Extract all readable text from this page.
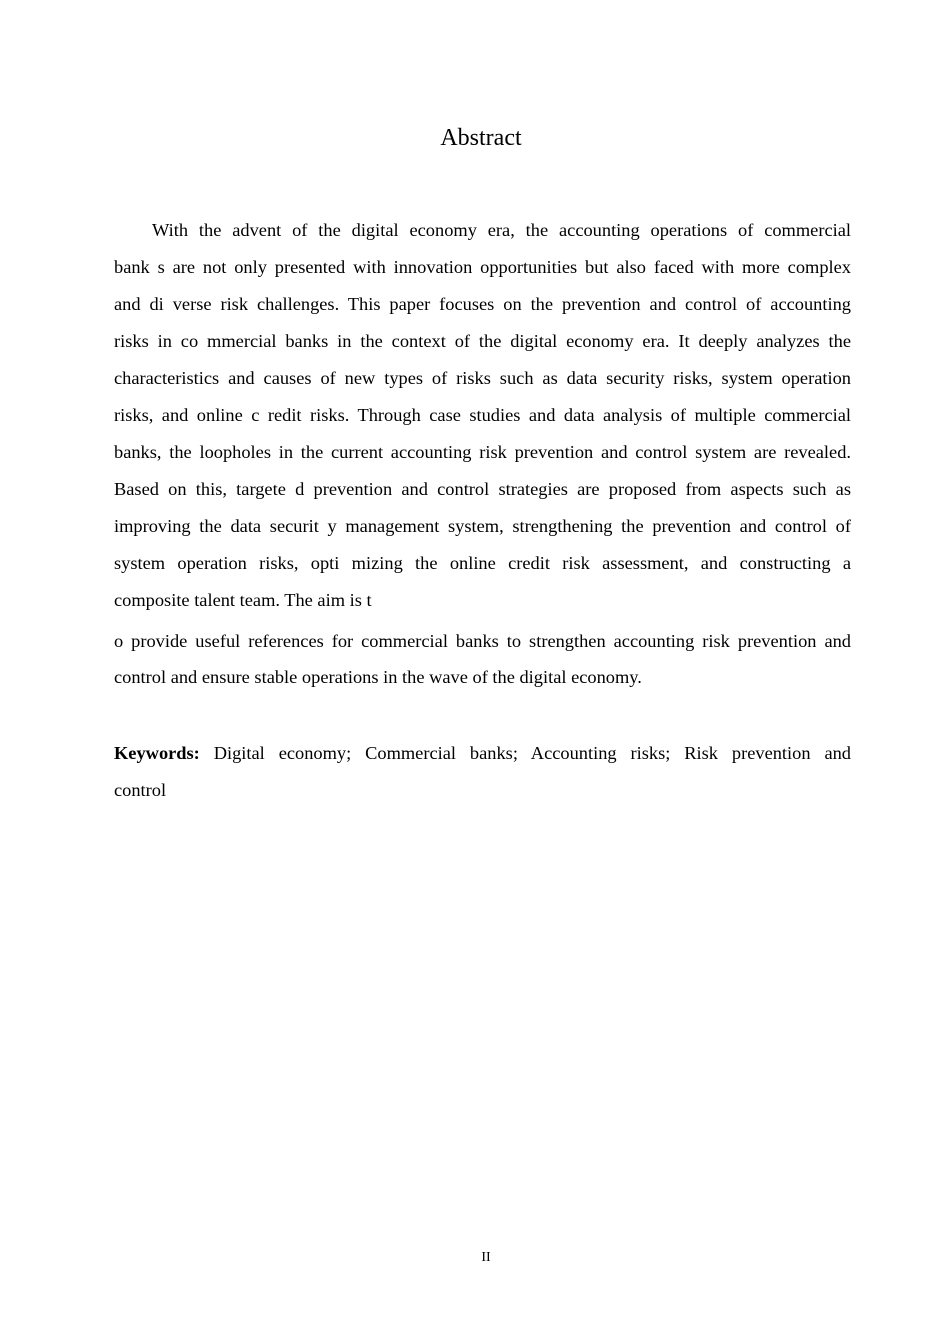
Abstract
With the advent of the digital economy era, the accounting operations of commercial
bank s are not only presented with innovation opportunities but also faced with more complex
and di verse risk challenges. This paper focuses on the prevention and control of accounting
risks in co mmercial banks in the context of the digital economy era. It deeply analyzes the
characteristics and causes of new types of risks such as data security risks, system operation
risks, and online c redit risks. Through case studies and data analysis of multiple commercial
banks, the loopholes in the current accounting risk prevention and control system are revealed.
Based on this, targete d prevention and control strategies are proposed from aspects such as
improving the data securit y management system, strengthening the prevention and control of
system operation risks, opti mizing the online credit risk assessment, and constructing a
composite talent team. The aim is t
o provide useful references for commercial banks to strengthen accounting risk prevention and
control and ensure stable operations in the wave of the digital economy.
Keywords: Digital economy; Commercial banks; Accounting risks; Risk prevention and
control
II
